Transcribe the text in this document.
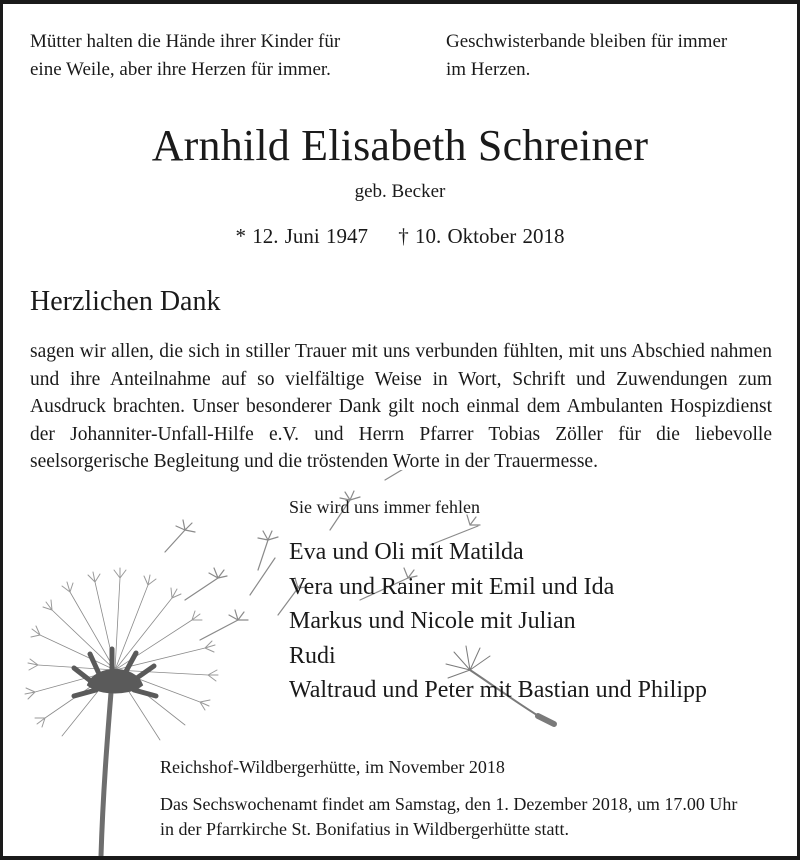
Mütter halten die Hände ihrer Kinder für
eine Weile, aber ihre Herzen für immer.
Geschwisterbande bleiben für immer
im Herzen.
Arnhild Elisabeth Schreiner
geb. Becker
* 12. Juni 1947 † 10. Oktober 2018
Herzlichen Dank
sagen wir allen, die sich in stiller Trauer mit uns verbunden fühlten, mit uns Abschied nahmen und ihre Anteilnahme auf so vielfältige Weise in Wort, Schrift und Zuwendungen zum Ausdruck brachten. Unser besonderer Dank gilt noch einmal dem Ambulanten Hospizdienst der Johanniter-Unfall-Hilfe e.V. und Herrn Pfarrer Tobias Zöller für die liebevolle seelsorgerische Begleitung und die tröstenden Worte in der Trauermesse.
Sie wird uns immer fehlen
Eva und Oli mit Matilda
Vera und Rainer mit Emil und Ida
Markus und Nicole mit Julian
Rudi
Waltraud und Peter mit Bastian und Philipp
Reichshof-Wildbergerhütte, im November 2018
Das Sechswochenamt findet am Samstag, den 1. Dezember 2018, um 17.00 Uhr
in der Pfarrkirche St. Bonifatius in Wildbergerhütte statt.
